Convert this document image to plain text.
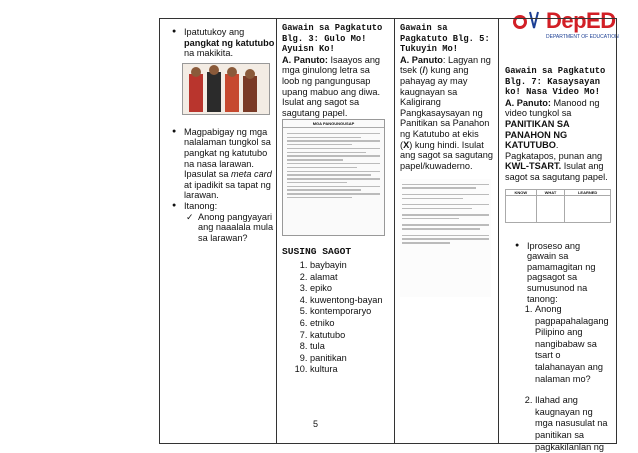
DepED
DEPARTMENT OF EDUCATION
● Ipatutukoy ang pangkat ng katutubo na makikita.
● Magpabigay ng mga nalalaman tungkol sa pangkat ng katutubo na nasa larawan. Ipasulat sa meta card at ipadikit sa tapat ng larawan.
● Itanong:
✓ Anong pangyayari ang naaalala mula sa larawan?

Gawain sa Pagkatuto Blg. 3: Gulo Mo! Ayuisn Ko!
A. Panuto: Isaayos ang mga ginulong letra sa loob ng pangungusap upang mabuo ang diwa. Isulat ang sagot sa sagutang papel.
MGA PANGUNGUSAP
SUSING SAGOT
1. baybayin
2. alamat
3. epiko
4. kuwentong-bayan
5. kontemporaryo
6. etniko
7. katutubo
8. tula
9. panitikan
10. kultura

Gawain sa Pagkatuto Blg. 5: Tukuyin Mo!
A. Panuto: Lagyan ng tsek (/) kung ang pahayag ay may kaugnayan sa Kaligirang Pangkasaysayan ng Panitikan sa Panahon ng Katutubo at ekis (X) kung hindi. Isulat ang sagot sa sagutang papel/kuwaderno.

Gawain sa Pagkatuto Blg. 7: Kasaysayan ko! Nasa Video Mo!
A. Panuto: Manood ng video tungkol sa PANITIKAN SA PANAHON NG KATUTUBO. Pagkatapos, punan ang KWL-TSART. Isulat ang sagot sa sagutang papel.
KNOW	WHAT	LEARNED

● Iproseso ang gawain sa pamamagitan ng pagsagot sa sumusunod na tanong:
1. Anong pagpapahalagang Pilipino ang nangibabaw sa tsart o talahanayan ang nalaman mo?
2. Ilahad ang kaugnayan ng mga nasusulat na panitikan sa pagkakilanlan ng
5
